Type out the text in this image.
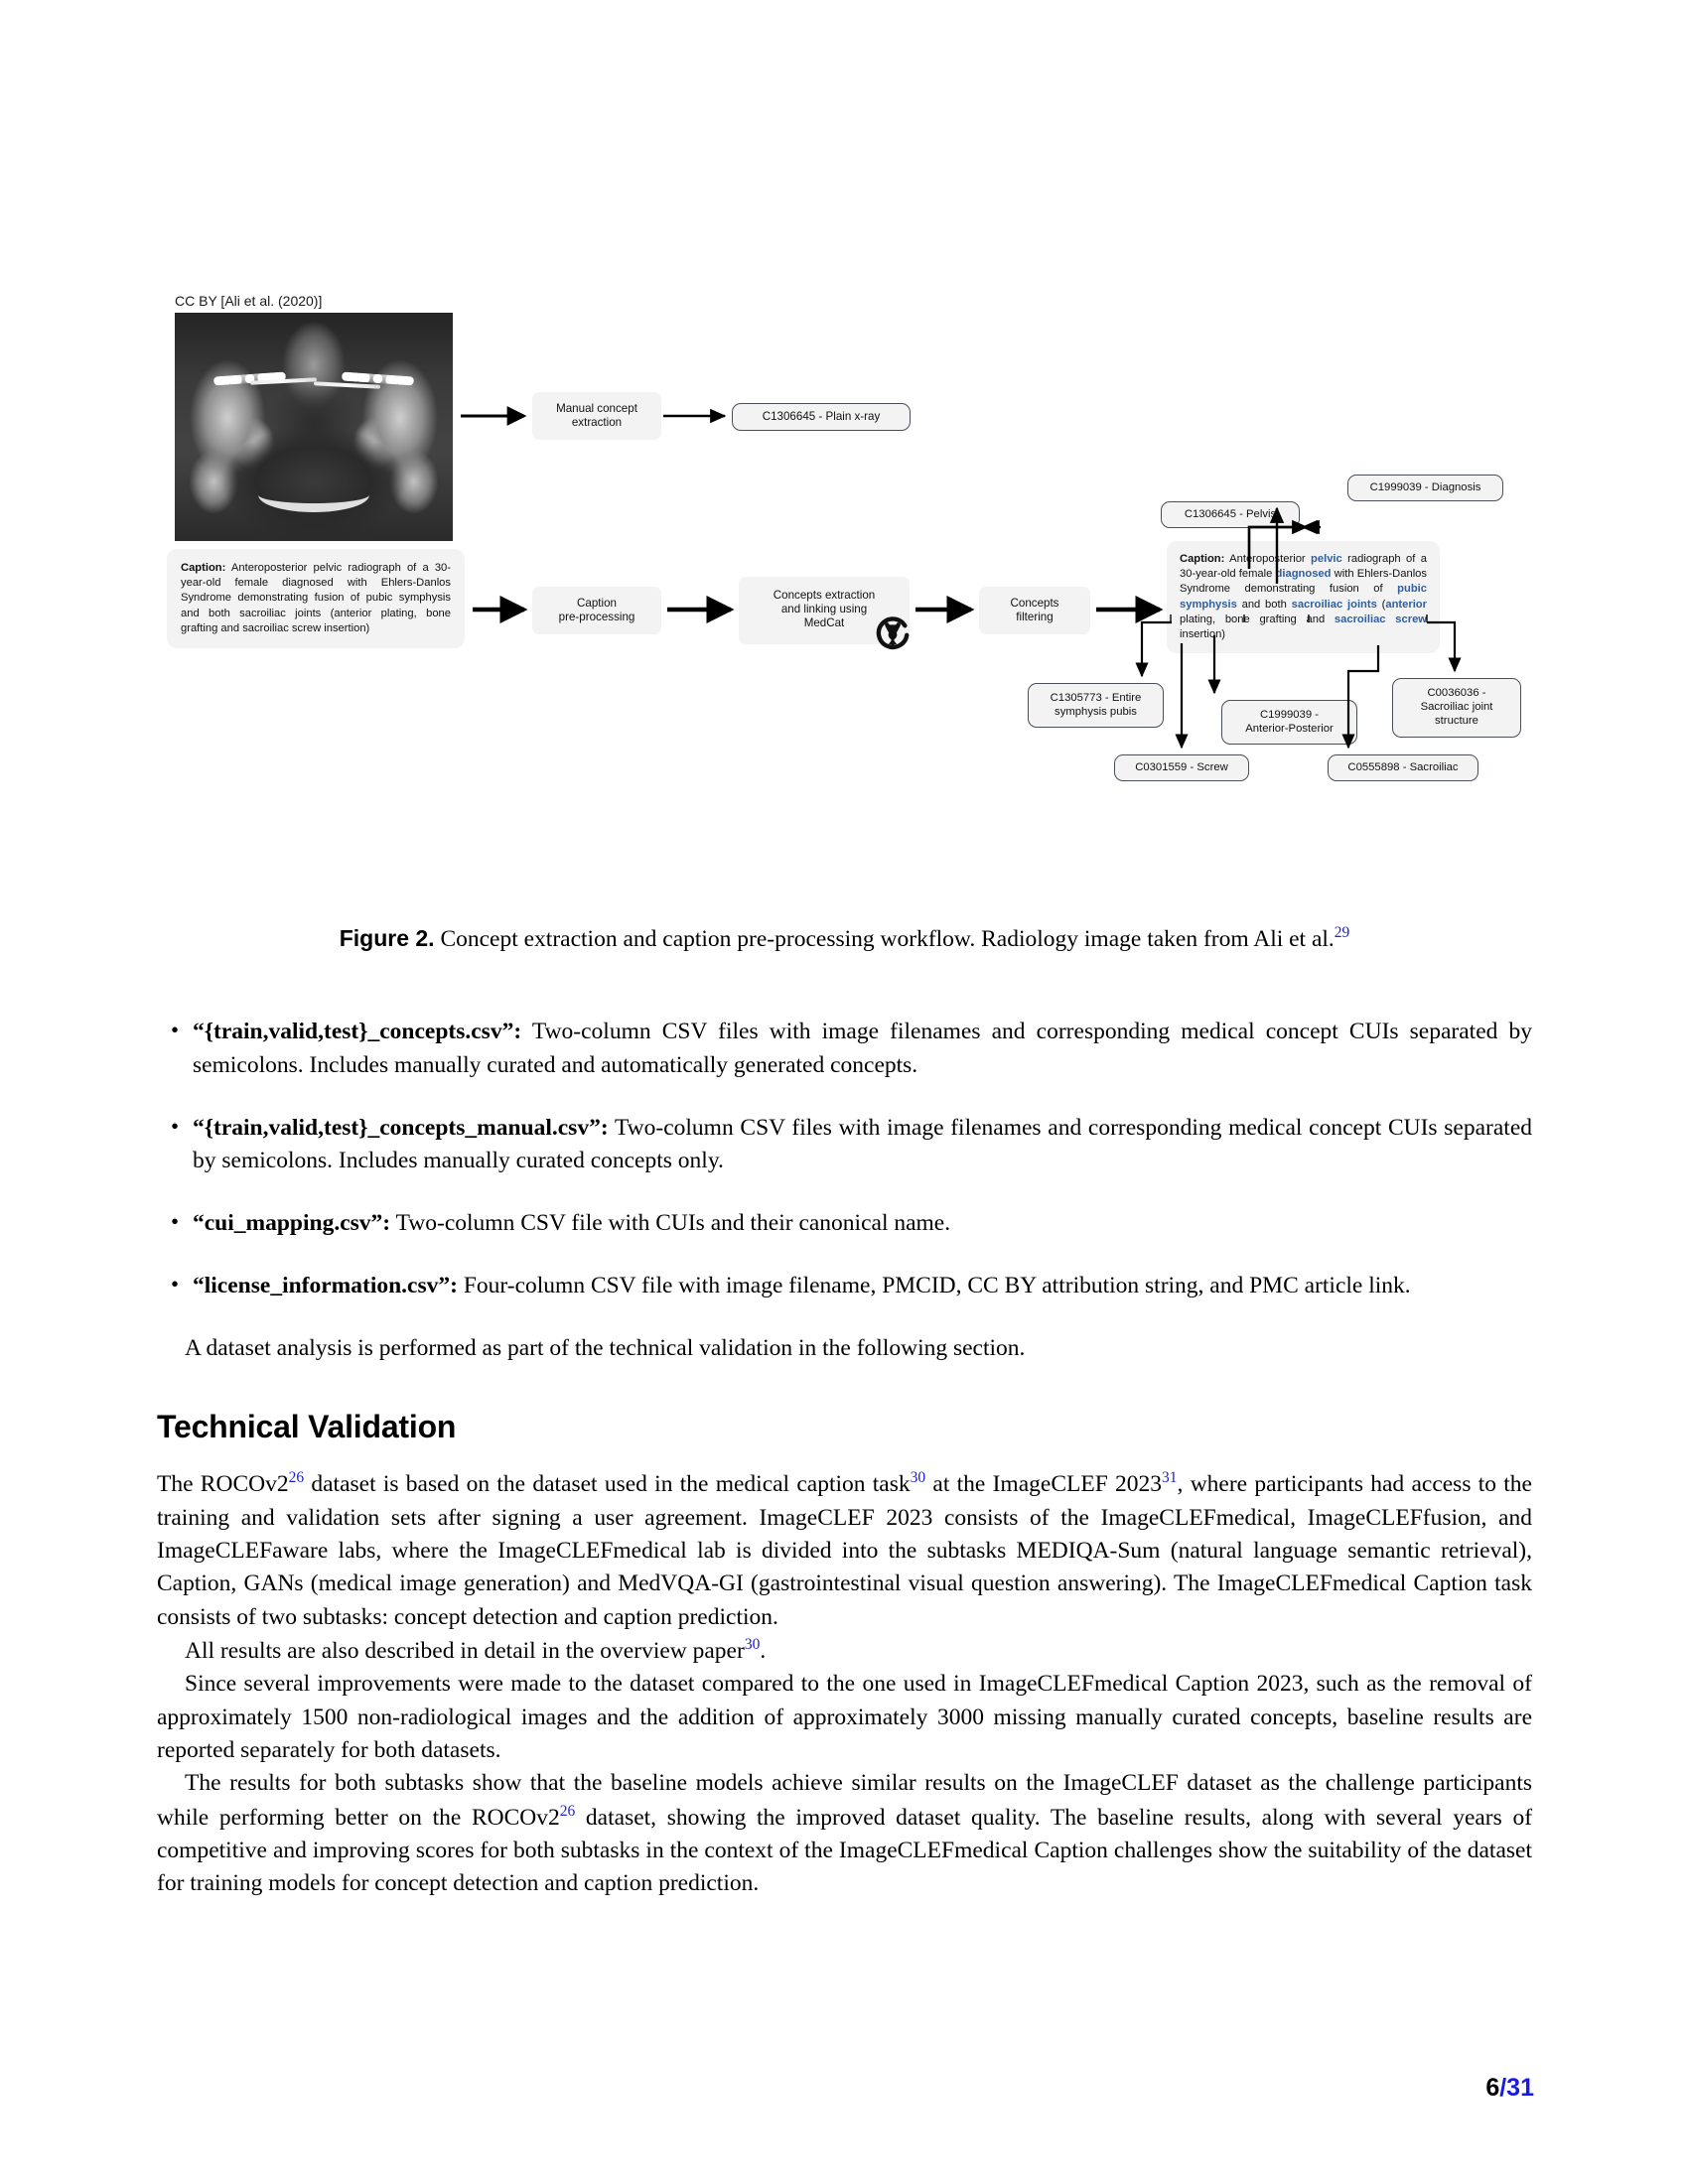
CC BY [Ali et al. (2020)]
Caption: Anteroposterior pelvic radiograph of a 30-year-old female diagnosed with Ehlers-Danlos Syndrome demonstrating fusion of pubic symphysis and both sacroiliac joints (anterior plating, bone grafting and sacroiliac screw insertion)
Manual concept
extraction	C1306645 - Plain x-ray
Caption
pre-processing
Concepts extraction
and linking using
MedCat
Concepts
filtering
C1306645 - Pelvis
C1999039 - Diagnosis
Caption: Anteroposterior pelvic radiograph of a 30-year-old female diagnosed with Ehlers-Danlos Syndrome demonstrating fusion of pubic symphysis and both sacroiliac joints (anterior plating, bone grafting and sacroiliac screw insertion)
C1305773 - Entire
symphysis pubis	C1999039 -
Anterior-Posterior
C0301559 - Screw	C0555898 - Sacroiliac
C0036036 -
Sacroiliac joint
structure

Figure 2. Concept extraction and caption pre-processing workflow. Radiology image taken from Ali et al.$^{29}$

• “{train,valid,test}_concepts.csv”: Two-column CSV files with image filenames and corresponding medical concept CUIs separated by semicolons. Includes manually curated and automatically generated concepts.
• “{train,valid,test}_concepts_manual.csv”: Two-column CSV files with image filenames and corresponding medical concept CUIs separated by semicolons. Includes manually curated concepts only.
• “cui_mapping.csv”: Two-column CSV file with CUIs and their canonical name.
• “license_information.csv”: Four-column CSV file with image filename, PMCID, CC BY attribution string, and PMC article link.

A dataset analysis is performed as part of the technical validation in the following section.

Technical Validation

The ROCOv2$^{26}$ dataset is based on the dataset used in the medical caption task$^{30}$ at the ImageCLEF 2023$^{31}$, where participants had access to the training and validation sets after signing a user agreement. ImageCLEF 2023 consists of the ImageCLEFmedical, ImageCLEFfusion, and ImageCLEFaware labs, where the ImageCLEFmedical lab is divided into the subtasks MEDIQA-Sum (natural language semantic retrieval), Caption, GANs (medical image generation) and MedVQA-GI (gastrointestinal visual question answering). The ImageCLEFmedical Caption task consists of two subtasks: concept detection and caption prediction.

All results are also described in detail in the overview paper$^{30}$.

Since several improvements were made to the dataset compared to the one used in ImageCLEFmedical Caption 2023, such as the removal of approximately 1500 non-radiological images and the addition of approximately 3000 missing manually curated concepts, baseline results are reported separately for both datasets.

The results for both subtasks show that the baseline models achieve similar results on the ImageCLEF dataset as the challenge participants while performing better on the ROCOv2$^{26}$ dataset, showing the improved dataset quality. The baseline results, along with several years of competitive and improving scores for both subtasks in the context of the ImageCLEFmedical Caption challenges show the suitability of the dataset for training models for concept detection and caption prediction.

6/31
